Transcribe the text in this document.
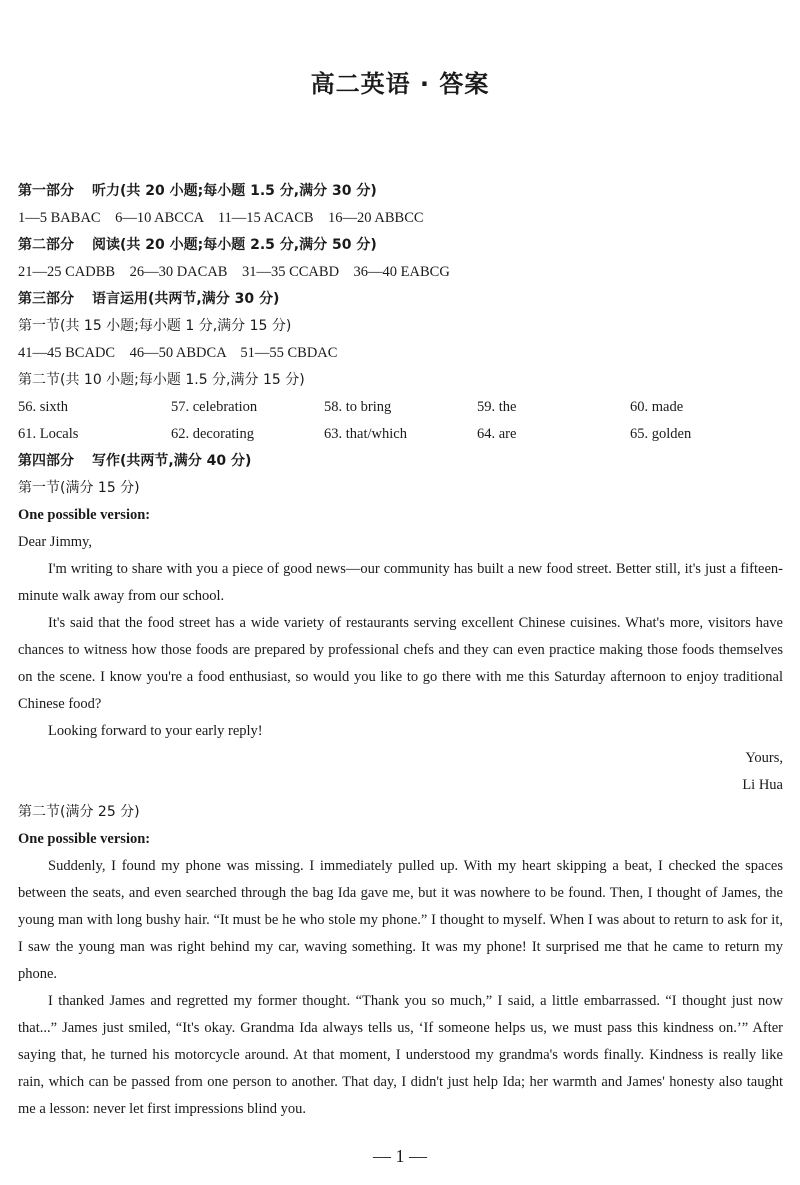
高二英语 · 答案
第一部分 听力(共 20 小题;每小题 1.5 分,满分 30 分)
1—5 BABAC    6—10 ABCCA    11—15 ACACB    16—20 ABBCC
第二部分 阅读(共 20 小题;每小题 2.5 分,满分 50 分)
21—25 CADBB    26—30 DACAB    31—35 CCABD    36—40 EABCG
第三部分 语言运用(共两节,满分 30 分)
第一节(共 15 小题;每小题 1 分,满分 15 分)
41—45 BCADC    46—50 ABDCA    51—55 CBDAC
第二节(共 10 小题;每小题 1.5 分,满分 15 分)
56. sixth	57. celebration	58. to bring	59. the	60. made
61. Locals	62. decorating	63. that/which	64. are	65. golden
第四部分 写作(共两节,满分 40 分)
第一节(满分 15 分)
One possible version:
Dear Jimmy,

I'm writing to share with you a piece of good news—our community has built a new food street. Better still, it's just a fifteen-minute walk away from our school.

It's said that the food street has a wide variety of restaurants serving excellent Chinese cuisines. What's more, visitors have chances to witness how those foods are prepared by professional chefs and they can even practice making those foods themselves on the scene. I know you're a food enthusiast, so would you like to go there with me this Saturday afternoon to enjoy traditional Chinese food?

Looking forward to your early reply!

Yours,
Li Hua
第二节(满分 25 分)
One possible version:

Suddenly, I found my phone was missing. I immediately pulled up. With my heart skipping a beat, I checked the spaces between the seats, and even searched through the bag Ida gave me, but it was nowhere to be found. Then, I thought of James, the young man with long bushy hair. “It must be he who stole my phone.” I thought to myself. When I was about to return to ask for it, I saw the young man was right behind my car, waving something. It was my phone! It surprised me that he came to return my phone.

I thanked James and regretted my former thought. “Thank you so much,” I said, a little embarrassed. “I thought just now that...” James just smiled, “It's okay. Grandma Ida always tells us, ‘If someone helps us, we must pass this kindness on.’” After saying that, he turned his motorcycle around. At that moment, I understood my grandma's words finally. Kindness is really like rain, which can be passed from one person to another. That day, I didn't just help Ida; her warmth and James' honesty also taught me a lesson: never let first impressions blind you.

— 1 —
